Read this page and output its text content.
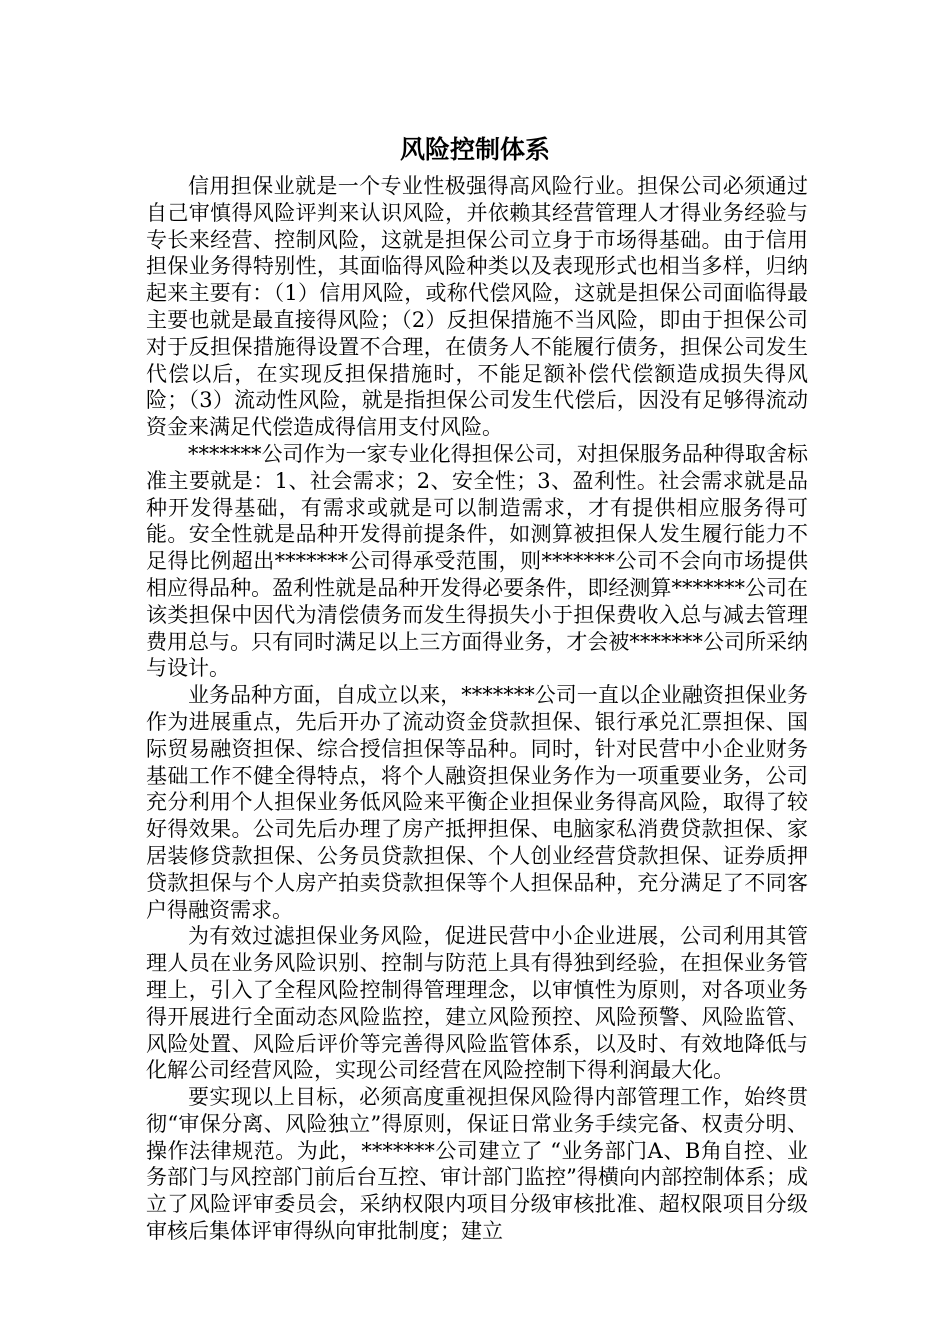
风险控制体系

信用担保业就是一个专业性极强得高风险行业。担保公司必须通过自己审慎得风险评判来认识风险，并依赖其经营管理人才得业务经验与专长来经营、控制风险，这就是担保公司立身于市场得基础。由于信用担保业务得特别性，其面临得风险种类以及表现形式也相当多样，归纳起来主要有：（1）信用风险，或称代偿风险，这就是担保公司面临得最主要也就是最直接得风险；（2）反担保措施不当风险，即由于担保公司对于反担保措施得设置不合理，在债务人不能履行债务，担保公司发生代偿以后，在实现反担保措施时，不能足额补偿代偿额造成损失得风险；（3）流动性风险，就是指担保公司发生代偿后，因没有足够得流动资金来满足代偿造成得信用支付风险。

*******公司作为一家专业化得担保公司，对担保服务品种得取舍标准主要就是：1、社会需求；2、安全性；3、盈利性。社会需求就是品种开发得基础，有需求或就是可以制造需求，才有提供相应服务得可能。安全性就是品种开发得前提条件，如测算被担保人发生履行能力不足得比例超出*******公司得承受范围，则*******公司不会向市场提供相应得品种。盈利性就是品种开发得必要条件，即经测算*******公司在该类担保中因代为清偿债务而发生得损失小于担保费收入总与减去管理费用总与。只有同时满足以上三方面得业务，才会被*******公司所采纳与设计。

业务品种方面，自成立以来，*******公司一直以企业融资担保业务作为进展重点，先后开办了流动资金贷款担保、银行承兑汇票担保、国际贸易融资担保、综合授信担保等品种。同时，针对民营中小企业财务基础工作不健全得特点，将个人融资担保业务作为一项重要业务，公司充分利用个人担保业务低风险来平衡企业担保业务得高风险，取得了较好得效果。公司先后办理了房产抵押担保、电脑家私消费贷款担保、家居装修贷款担保、公务员贷款担保、个人创业经营贷款担保、证券质押贷款担保与个人房产拍卖贷款担保等个人担保品种，充分满足了不同客户得融资需求。

为有效过滤担保业务风险，促进民营中小企业进展，公司利用其管理人员在业务风险识别、控制与防范上具有得独到经验，在担保业务管理上，引入了全程风险控制得管理理念，以审慎性为原则，对各项业务得开展进行全面动态风险监控，建立风险预控、风险预警、风险监管、风险处置、风险后评价等完善得风险监管体系，以及时、有效地降低与化解公司经营风险，实现公司经营在风险控制下得利润最大化。

要实现以上目标，必须高度重视担保风险得内部管理工作，始终贯彻“审保分离、风险独立”得原则，保证日常业务手续完备、权责分明、操作法律规范。为此，*******公司建立了 “业务部门A、B角自控、业务部门与风控部门前后台互控、审计部门监控”得横向内部控制体系；成立了风险评审委员会，采纳权限内项目分级审核批准、超权限项目分级审核后集体评审得纵向审批制度；建立
